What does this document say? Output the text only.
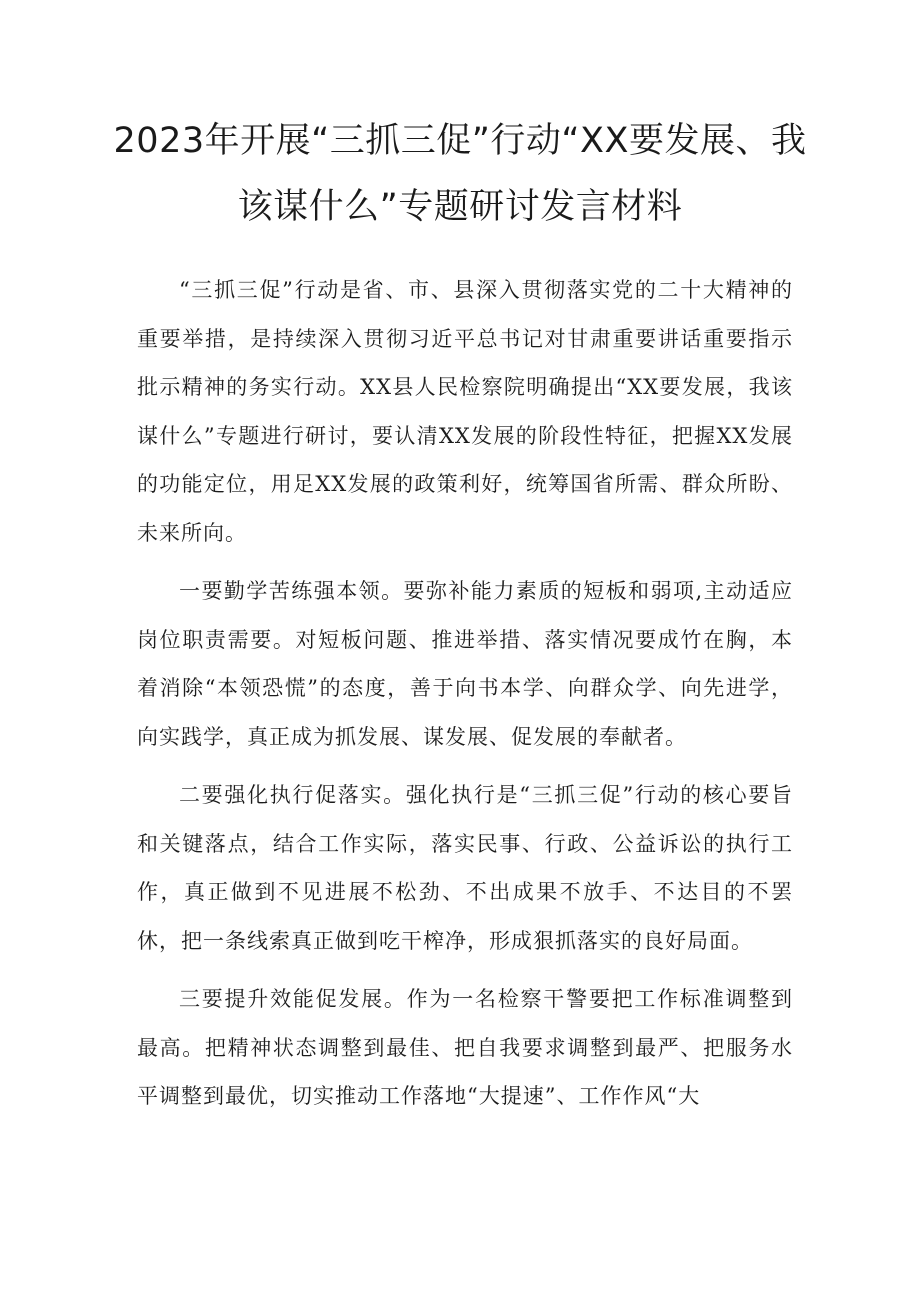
2023年开展“三抓三促”行动“XX要发展、我
该谋什么”专题研讨发言材料

“三抓三促”行动是省、市、县深入贯彻落实党的二十大精神的重要举措，是持续深入贯彻习近平总书记对甘肃重要讲话重要指示批示精神的务实行动。XX县人民检察院明确提出“XX要发展，我该谋什么”专题进行研讨，要认清XX发展的阶段性特征，把握XX发展的功能定位，用足XX发展的政策利好，统筹国省所需、群众所盼、未来所向。

一要勤学苦练强本领。要弥补能力素质的短板和弱项,主动适应岗位职责需要。对短板问题、推进举措、落实情况要成竹在胸，本着消除“本领恐慌”的态度，善于向书本学、向群众学、向先进学，向实践学，真正成为抓发展、谋发展、促发展的奉献者。

二要强化执行促落实。强化执行是“三抓三促”行动的核心要旨和关键落点，结合工作实际，落实民事、行政、公益诉讼的执行工作，真正做到不见进展不松劲、不出成果不放手、不达目的不罢休，把一条线索真正做到吃干榨净，形成狠抓落实的良好局面。

三要提升效能促发展。作为一名检察干警要把工作标准调整到最高。把精神状态调整到最佳、把自我要求调整到最严、把服务水平调整到最优，切实推动工作落地“大提速”、工作作风“大
